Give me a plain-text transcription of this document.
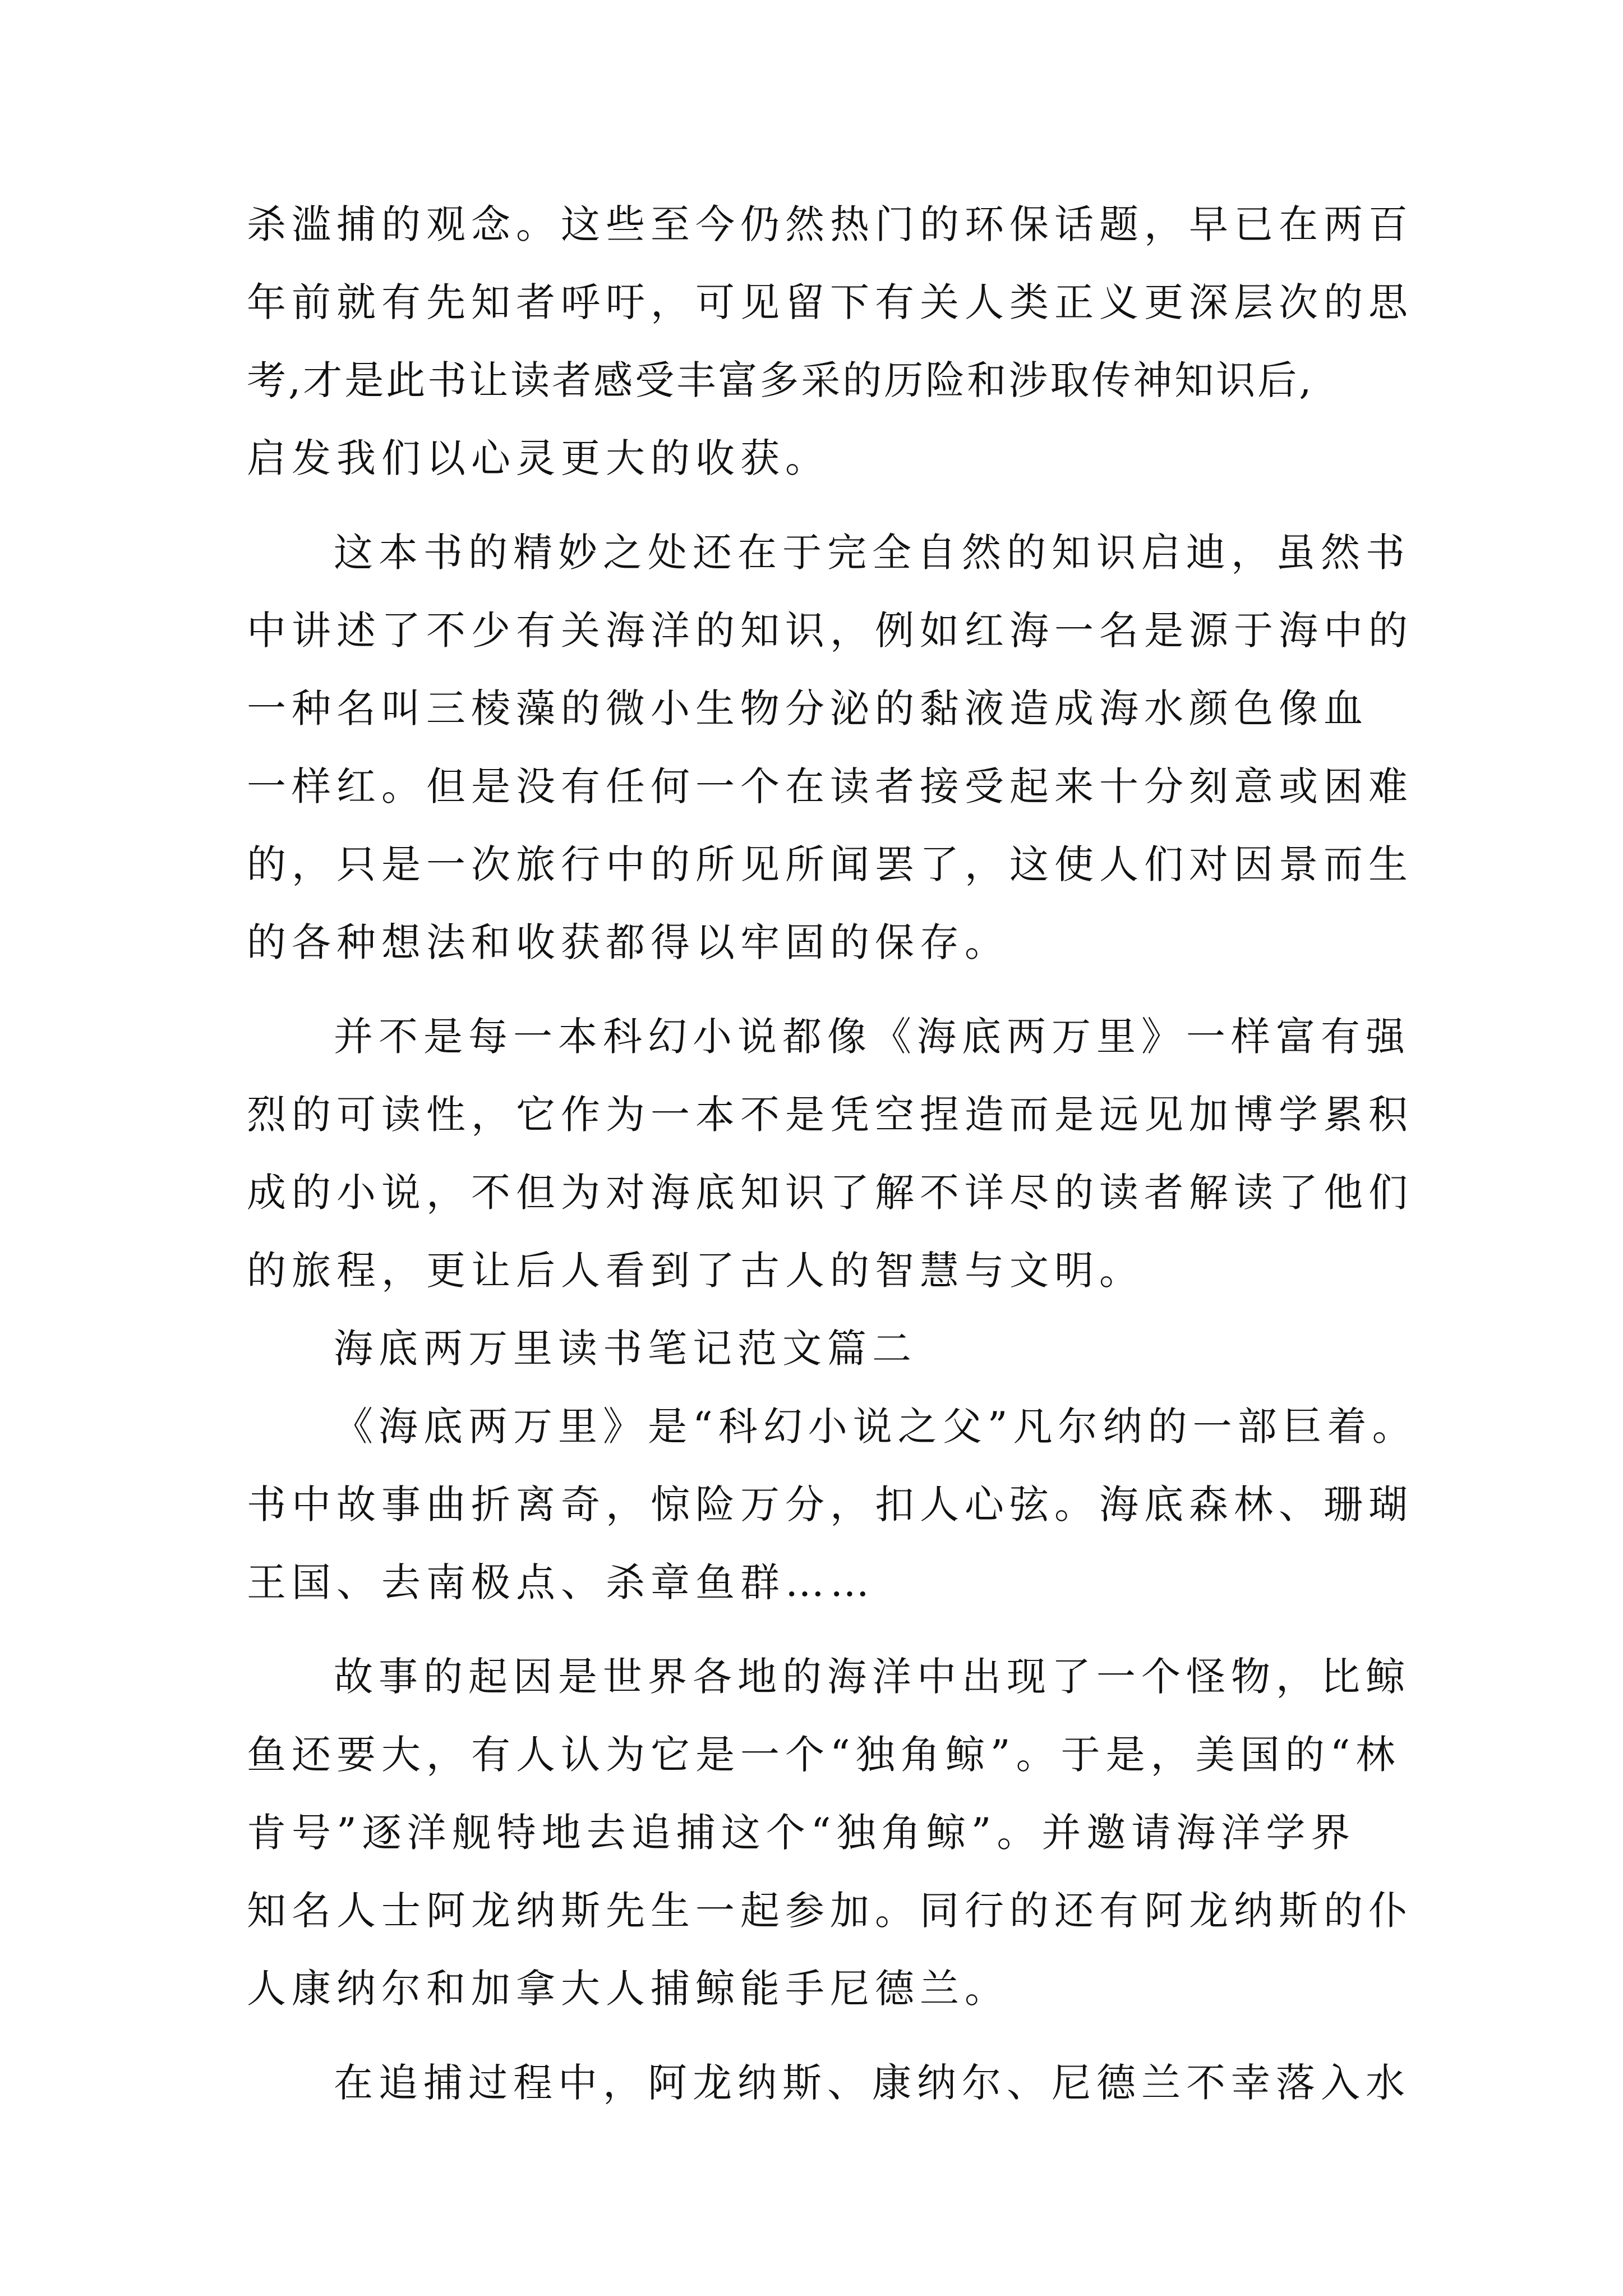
杀滥捕的观念。这些至今仍然热门的环保话题，早已在两百
年前就有先知者呼吁，可见留下有关人类正义更深层次的思
考,才是此书让读者感受丰富多采的历险和涉取传神知识后,
启发我们以心灵更大的收获。
这本书的精妙之处还在于完全自然的知识启迪，虽然书
中讲述了不少有关海洋的知识，例如红海一名是源于海中的
一种名叫三棱藻的微小生物分泌的黏液造成海水颜色像血
一样红。但是没有任何一个在读者接受起来十分刻意或困难
的，只是一次旅行中的所见所闻罢了，这使人们对因景而生
的各种想法和收获都得以牢固的保存。
并不是每一本科幻小说都像《海底两万里》一样富有强
烈的可读性，它作为一本不是凭空捏造而是远见加博学累积
成的小说，不但为对海底知识了解不详尽的读者解读了他们
的旅程，更让后人看到了古人的智慧与文明。
海底两万里读书笔记范文篇二
《海底两万里》是“科幻小说之父”凡尔纳的一部巨着。
书中故事曲折离奇，惊险万分，扣人心弦。海底森林、珊瑚
王国、去南极点、杀章鱼群……
故事的起因是世界各地的海洋中出现了一个怪物，比鲸
鱼还要大，有人认为它是一个“独角鲸”。于是，美国的“林
肯号”逐洋舰特地去追捕这个“独角鲸”。并邀请海洋学界
知名人士阿龙纳斯先生一起参加。同行的还有阿龙纳斯的仆
人康纳尔和加拿大人捕鲸能手尼德兰。
在追捕过程中，阿龙纳斯、康纳尔、尼德兰不幸落入水
